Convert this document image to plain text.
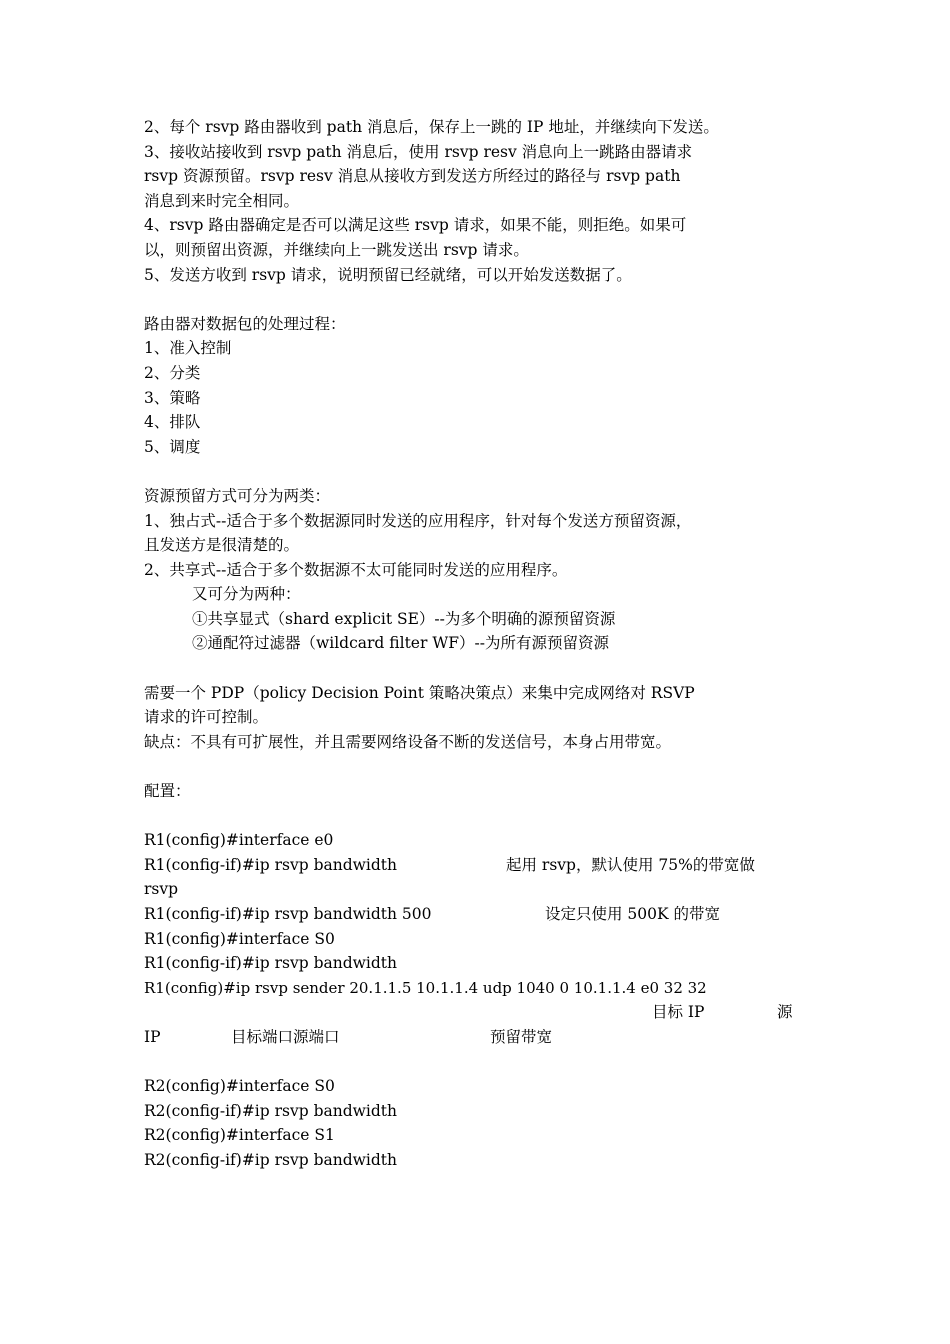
2、每个 rsvp 路由器收到 path 消息后，保存上一跳的 IP 地址，并继续向下发送。
3、接收站接收到 rsvp path 消息后，使用 rsvp resv 消息向上一跳路由器请求
rsvp 资源预留。rsvp resv 消息从接收方到发送方所经过的路径与 rsvp path
消息到来时完全相同。
4、rsvp 路由器确定是否可以满足这些 rsvp 请求，如果不能，则拒绝。如果可
以，则预留出资源，并继续向上一跳发送出 rsvp 请求。
5、发送方收到 rsvp 请求，说明预留已经就绪，可以开始发送数据了。
路由器对数据包的处理过程：
1、准入控制
2、分类
3、策略
4、排队
5、调度
资源预留方式可分为两类：
1、独占式--适合于多个数据源同时发送的应用程序，针对每个发送方预留资源，
且发送方是很清楚的。
2、共享式--适合于多个数据源不太可能同时发送的应用程序。
又可分为两种：
①共享显式（shard explicit SE）--为多个明确的源预留资源
②通配符过滤器（wildcard filter WF）--为所有源预留资源
需要一个 PDP（policy Decision Point 策略决策点）来集中完成网络对 RSVP
请求的许可控制。
缺点：不具有可扩展性，并且需要网络设备不断的发送信号，本身占用带宽。
配置：
R1(config)#interface e0
R1(config-if)#ip rsvp bandwidth	起用 rsvp，默认使用 75%的带宽做
rsvp
R1(config-if)#ip rsvp bandwidth 500	设定只使用 500K 的带宽
R1(config)#interface S0
R1(config-if)#ip rsvp bandwidth
R1(config)#ip rsvp sender 20.1.1.5 10.1.1.4 udp 1040 0 10.1.1.4 e0 32 32
目标 IP	源
IP	目标端口源端口	预留带宽
R2(config)#interface S0
R2(config-if)#ip rsvp bandwidth
R2(config)#interface S1
R2(config-if)#ip rsvp bandwidth
